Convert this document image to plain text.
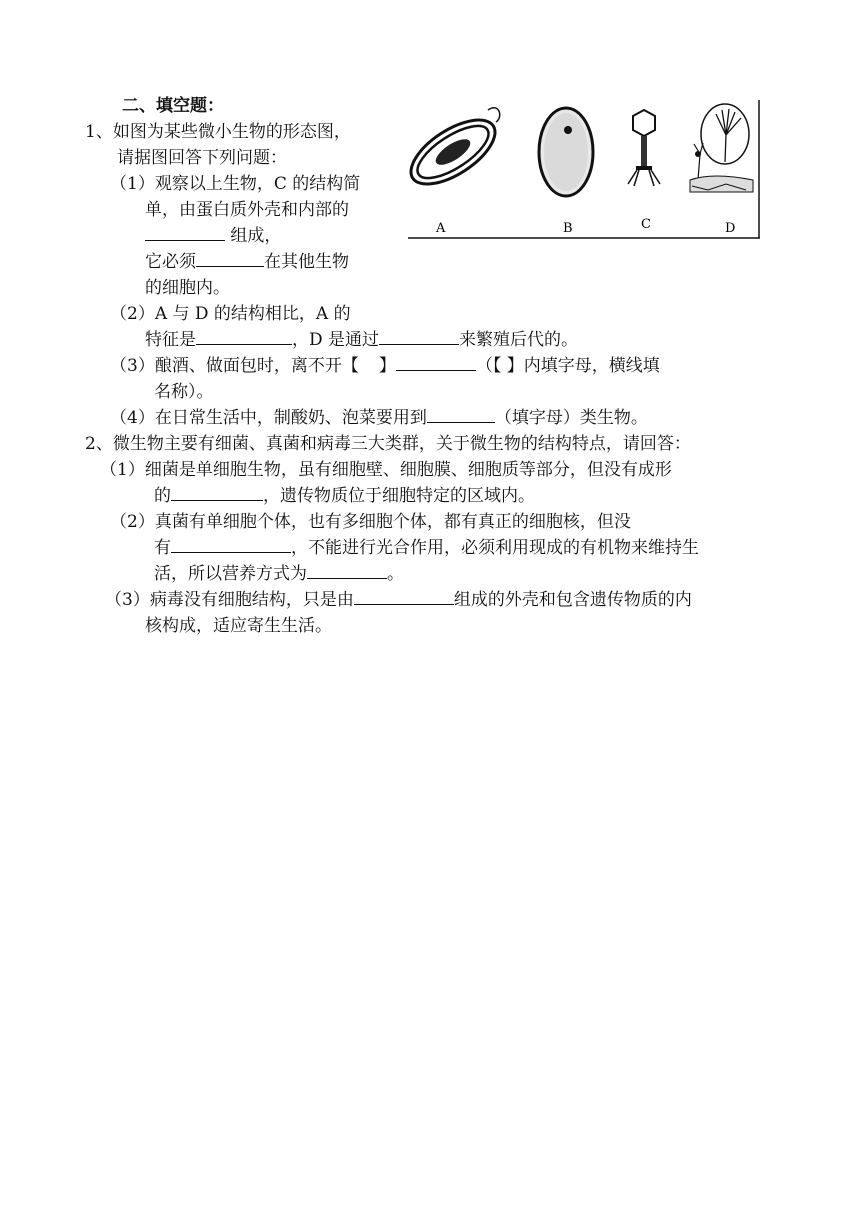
二、填空题：
1、如图为某些微小生物的形态图，
请据图回答下列问题：
（1）观察以上生物，C 的结构简
单，由蛋白质外壳和内部的
组成，
它必须	在其他生物
的细胞内。
（2）A 与 D 的结构相比，A 的
特征是	，D 是通过	来繁殖后代的。
（3）酿酒、做面包时，离不开【 】	（【 】内填字母，横线填
名称）。
（4）在日常生活中，制酸奶、泡菜要用到	（填字母）类生物。
2、微生物主要有细菌、真菌和病毒三大类群，关于微生物的结构特点，请回答：
（1）细菌是单细胞生物，虽有细胞壁、细胞膜、细胞质等部分，但没有成形
的	，遗传物质位于细胞特定的区域内。
（2）真菌有单细胞个体，也有多细胞个体，都有真正的细胞核，但没
有	，不能进行光合作用，必须利用现成的有机物来维持生
活，所以营养方式为	。
（3）病毒没有细胞结构，只是由	组成的外壳和包含遗传物质的内
核构成，适应寄生生活。
A	B	C	D
